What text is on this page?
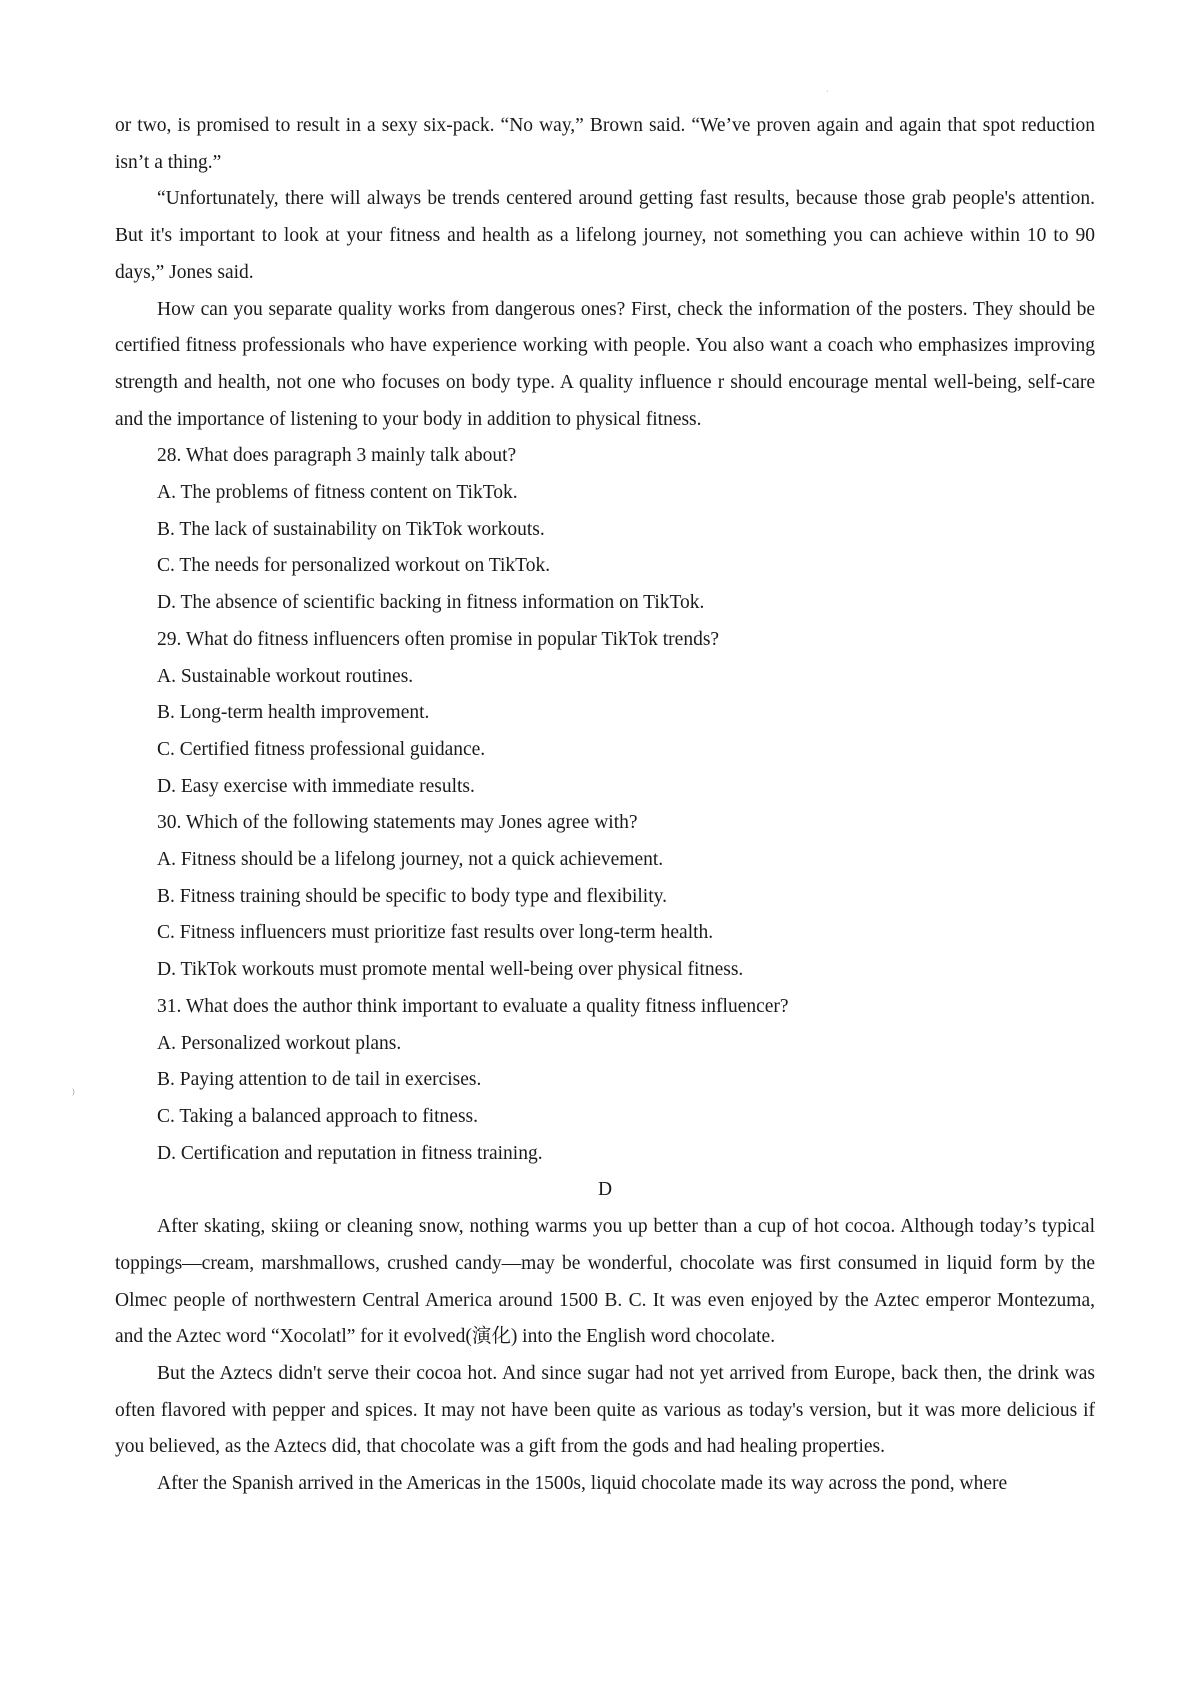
·
)

or two, is promised to result in a sexy six-pack. “No way,” Brown said. “We’ve proven again and again that spot reduction isn’t a thing.”

“Unfortunately, there will always be trends centered around getting fast results, because those grab people's attention. But it's important to look at your fitness and health as a lifelong journey, not something you can achieve within 10 to 90 days,” Jones said.

How can you separate quality works from dangerous ones? First, check the information of the posters. They should be certified fitness professionals who have experience working with people. You also want a coach who emphasizes improving strength and health, not one who focuses on body type. A quality influence r should encourage mental well-being, self-care and the importance of listening to your body in addition to physical fitness.

28. What does paragraph 3 mainly talk about?

A. The problems of fitness content on TikTok.

B. The lack of sustainability on TikTok workouts.

C. The needs for personalized workout on TikTok.

D. The absence of scientific backing in fitness information on TikTok.

29. What do fitness influencers often promise in popular TikTok trends?

A. Sustainable workout routines.

B. Long-term health improvement.

C. Certified fitness professional guidance.

D. Easy exercise with immediate results.

30. Which of the following statements may Jones agree with?

A. Fitness should be a lifelong journey, not a quick achievement.

B. Fitness training should be specific to body type and flexibility.

C. Fitness influencers must prioritize fast results over long-term health.

D. TikTok workouts must promote mental well-being over physical fitness.

31. What does the author think important to evaluate a quality fitness influencer?

A. Personalized workout plans.

B. Paying attention to de tail in exercises.

C. Taking a balanced approach to fitness.

D. Certification and reputation in fitness training.

D

After skating, skiing or cleaning snow, nothing warms you up better than a cup of hot cocoa. Although today’s typical toppings—cream, marshmallows, crushed candy—may be wonderful, chocolate was first consumed in liquid form by the Olmec people of northwestern Central America around 1500 B. C. It was even enjoyed by the Aztec emperor Montezuma, and the Aztec word “Xocolatl” for it evolved(演化) into the English word chocolate.

But the Aztecs didn't serve their cocoa hot. And since sugar had not yet arrived from Europe, back then, the drink was often flavored with pepper and spices. It may not have been quite as various as today's version, but it was more delicious if you believed, as the Aztecs did, that chocolate was a gift from the gods and had healing properties.

After the Spanish arrived in the Americas in the 1500s, liquid chocolate made its way across the pond, where
